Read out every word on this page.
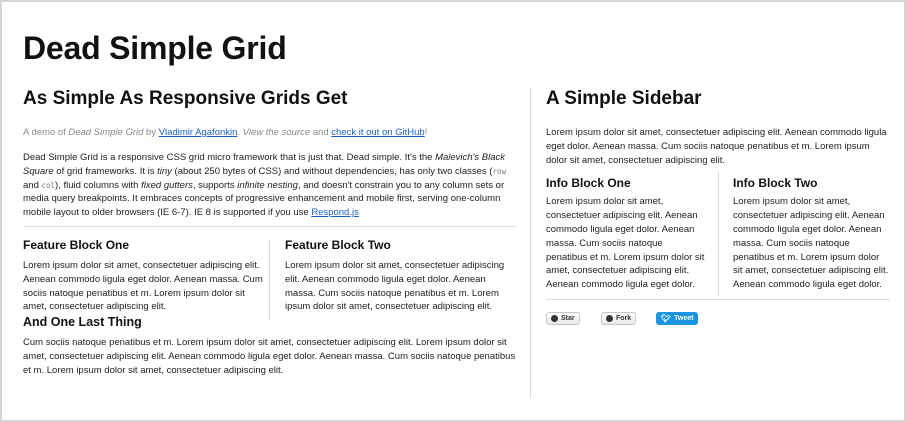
Dead Simple Grid
As Simple As Responsive Grids Get
A demo of Dead Simple Grid by Vladimir Agafonkin. View the source and check it out on GitHub!
Dead Simple Grid is a responsive CSS grid micro framework that is just that. Dead simple. It's the Malevich's Black Square of grid frameworks. It is tiny (about 250 bytes of CSS) and without dependencies, has only two classes (row and col), fluid columns with fixed gutters, supports infinite nesting, and doesn't constrain you to any column sets or media query breakpoints. It embraces concepts of progressive enhancement and mobile first, serving one-column mobile layout to older browsers (IE 6-7). IE 8 is supported if you use Respond.js
Feature Block One
Lorem ipsum dolor sit amet, consectetuer adipiscing elit. Aenean commodo ligula eget dolor. Aenean massa. Cum sociis natoque penatibus et m. Lorem ipsum dolor sit amet, consectetuer adipiscing elit.
Feature Block Two
Lorem ipsum dolor sit amet, consectetuer adipiscing elit. Aenean commodo ligula eget dolor. Aenean massa. Cum sociis natoque penatibus et m. Lorem ipsum dolor sit amet, consectetuer adipiscing elit.
And One Last Thing
Cum sociis natoque penatibus et m. Lorem ipsum dolor sit amet, consectetuer adipiscing elit. Lorem ipsum dolor sit amet, consectetuer adipiscing elit. Aenean commodo ligula eget dolor. Aenean massa. Cum sociis natoque penatibus et m. Lorem ipsum dolor sit amet, consectetuer adipiscing elit.
A Simple Sidebar
Lorem ipsum dolor sit amet, consectetuer adipiscing elit. Aenean commodo ligula eget dolor. Aenean massa. Cum sociis natoque penatibus et m. Lorem ipsum dolor sit amet, consectetuer adipiscing elit.
Info Block One
Lorem ipsum dolor sit amet, consectetuer adipiscing elit. Aenean commodo ligula eget dolor. Aenean massa. Cum sociis natoque penatibus et m. Lorem ipsum dolor sit amet, consectetuer adipiscing elit. Aenean commodo ligula eget dolor.
Info Block Two
Lorem ipsum dolor sit amet, consectetuer adipiscing elit. Aenean commodo ligula eget dolor. Aenean massa. Cum sociis natoque penatibus et m. Lorem ipsum dolor sit amet, consectetuer adipiscing elit. Aenean commodo ligula eget dolor.
Star	Fork	🐦︎ Tweet
